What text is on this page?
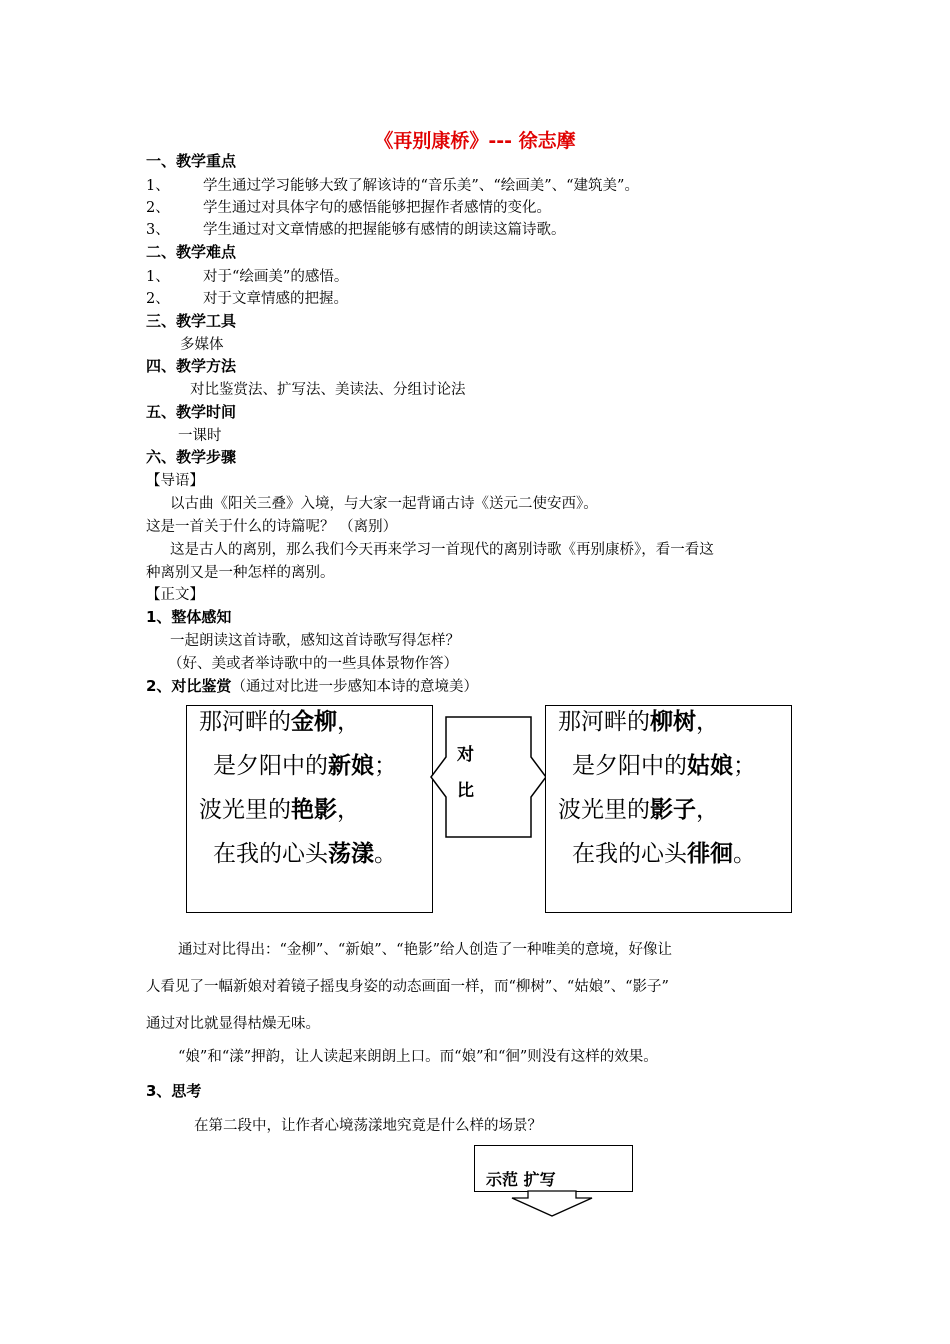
《再别康桥》--- 徐志摩
一、教学重点
1、 学生通过学习能够大致了解该诗的“音乐美”、“绘画美”、“建筑美”。
2、 学生通过对具体字句的感悟能够把握作者感情的变化。
3、 学生通过对文章情感的把握能够有感情的朗读这篇诗歌。
二、教学难点
1、 对于“绘画美”的感悟。
2、 对于文章情感的把握。
三、教学工具
多媒体
四、教学方法
对比鉴赏法、扩写法、美读法、分组讨论法
五、教学时间
一课时
六、教学步骤
【导语】
以古曲《阳关三叠》入境，与大家一起背诵古诗《送元二使安西》。
这是一首关于什么的诗篇呢？ （离别）
这是古人的离别，那么我们今天再来学习一首现代的离别诗歌《再别康桥》，看一看这
种离别又是一种怎样的离别。
【正文】
1、整体感知
一起朗读这首诗歌，感知这首诗歌写得怎样？
（好、美或者举诗歌中的一些具体景物作答）
2、对比鉴赏（通过对比进一步感知本诗的意境美）
那河畔的金柳，
是夕阳中的新娘；
波光里的艳影，
在我的心头荡漾。
对
比
那河畔的柳树，
是夕阳中的姑娘；
波光里的影子，
在我的心头徘徊。
通过对比得出：“金柳”、“新娘”、“艳影”给人创造了一种唯美的意境，好像让
人看见了一幅新娘对着镜子摇曳身姿的动态画面一样，而“柳树”、“姑娘”、“影子”
通过对比就显得枯燥无味。
“娘”和“漾”押韵，让人读起来朗朗上口。而“娘”和“徊”则没有这样的效果。
3、思考
在第二段中，让作者心境荡漾地究竟是什么样的场景？
示范 扩写
